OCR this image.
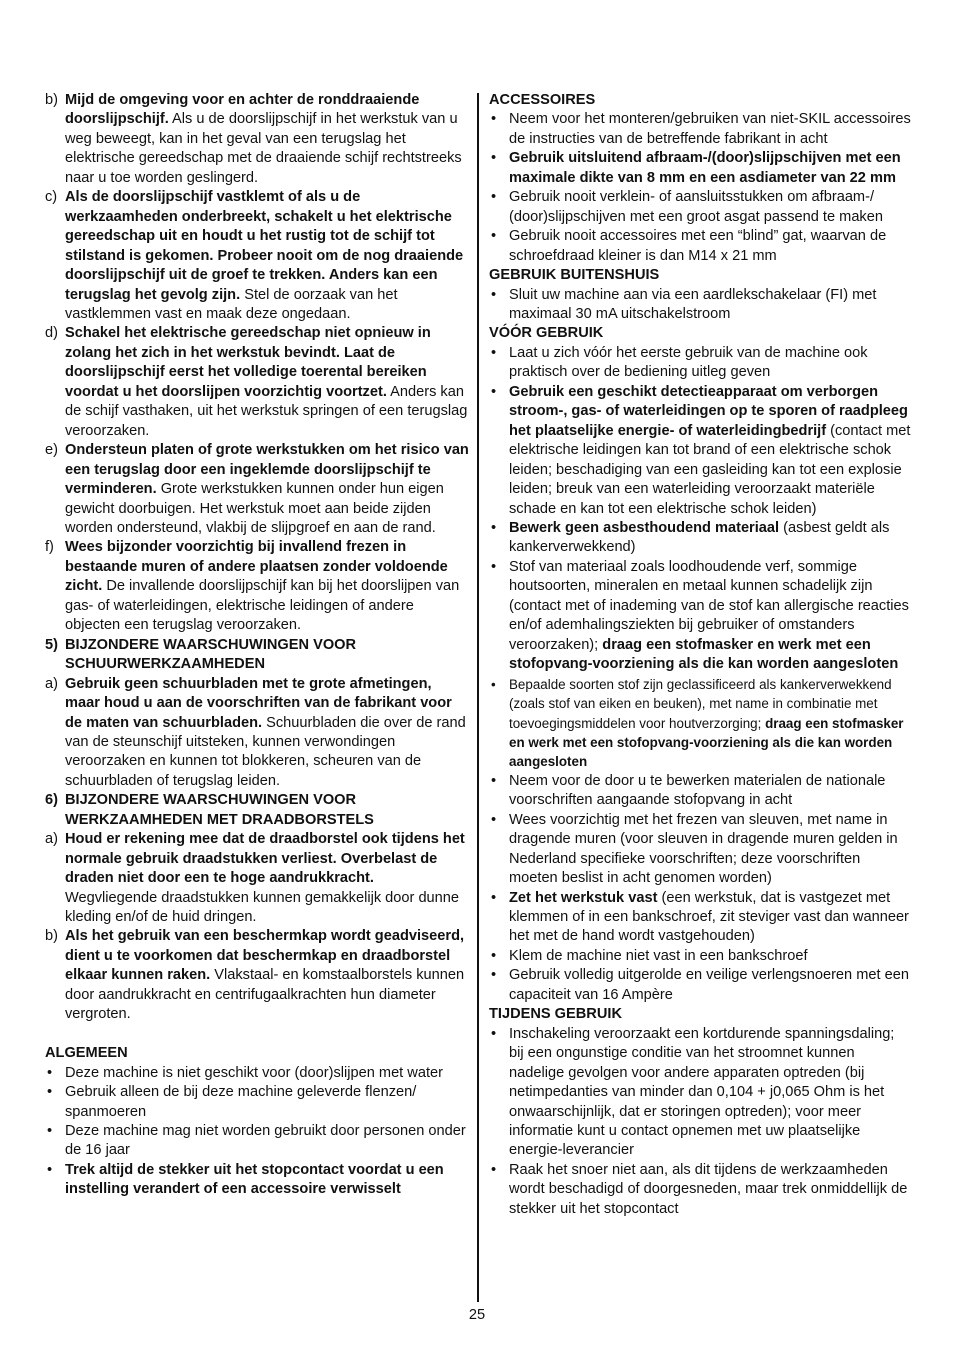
b) Mijd de omgeving voor en achter de ronddraaiende doorslijpschijf. Als u de doorslijpschijf in het werkstuk van u weg beweegt, kan in het geval van een terugslag het elektrische gereedschap met de draaiende schijf rechtstreeks naar u toe worden geslingerd.
c) Als de doorslijpschijf vastklemt of als u de werkzaamheden onderbreekt, schakelt u het elektrische gereedschap uit en houdt u het rustig tot de schijf tot stilstand is gekomen. Probeer nooit om de nog draaiende doorslijpschijf uit de groef te trekken. Anders kan een terugslag het gevolg zijn. Stel de oorzaak van het vastklemmen vast en maak deze ongedaan.
d) Schakel het elektrische gereedschap niet opnieuw in zolang het zich in het werkstuk bevindt. Laat de doorslijpschijf eerst het volledige toerental bereiken voordat u het doorslijpen voorzichtig voortzet. Anders kan de schijf vasthaken, uit het werkstuk springen of een terugslag veroorzaken.
e) Ondersteun platen of grote werkstukken om het risico van een terugslag door een ingeklemde doorslijpschijf te verminderen. Grote werkstukken kunnen onder hun eigen gewicht doorbuigen. Het werkstuk moet aan beide zijden worden ondersteund, vlakbij de slijpgroef en aan de rand.
f) Wees bijzonder voorzichtig bij invallend frezen in bestaande muren of andere plaatsen zonder voldoende zicht. De invallende doorslijpschijf kan bij het doorslijpen van gas- of waterleidingen, elektrische leidingen of andere objecten een terugslag veroorzaken.
5) BIJZONDERE WAARSCHUWINGEN VOOR SCHUURWERKZAAMHEDEN
a) Gebruik geen schuurbladen met te grote afmetingen, maar houd u aan de voorschriften van de fabrikant voor de maten van schuurbladen. Schuurbladen die over de rand van de steunschijf uitsteken, kunnen verwondingen veroorzaken en kunnen tot blokkeren, scheuren van de schuurbladen of terugslag leiden.
6) BIJZONDERE WAARSCHUWINGEN VOOR WERKZAAMHEDEN MET DRAADBORSTELS
a) Houd er rekening mee dat de draadborstel ook tijdens het normale gebruik draadstukken verliest. Overbelast de draden niet door een te hoge aandrukkracht. Wegvliegende draadstukken kunnen gemakkelijk door dunne kleding en/of de huid dringen.
b) Als het gebruik van een beschermkap wordt geadviseerd, dient u te voorkomen dat beschermkap en draadborstel elkaar kunnen raken. Vlakstaal- en komstaalborstels kunnen door aandrukkracht en centrifugaalkrachten hun diameter vergroten.
ALGEMEEN
• Deze machine is niet geschikt voor (door)slijpen met water
• Gebruik alleen de bij deze machine geleverde flenzen/ spanmoeren
• Deze machine mag niet worden gebruikt door personen onder de 16 jaar
• Trek altijd de stekker uit het stopcontact voordat u een instelling verandert of een accessoire verwisselt
ACCESSOIRES
• Neem voor het monteren/gebruiken van niet-SKIL accessoires de instructies van de betreffende fabrikant in acht
• Gebruik uitsluitend afbraam-/(door)slijpschijven met een maximale dikte van 8 mm en een asdiameter van 22 mm
• Gebruik nooit verklein- of aansluitsstukken om afbraam-/ (door)slijpschijven met een groot asgat passend te maken
• Gebruik nooit accessoires met een “blind” gat, waarvan de schroefdraad kleiner is dan M14 x 21 mm
GEBRUIK BUITENSHUIS
• Sluit uw machine aan via een aardlekschakelaar (FI) met maximaal 30 mA uitschakelstroom
VÓÓR GEBRUIK
• Laat u zich vóór het eerste gebruik van de machine ook praktisch over de bediening uitleg geven
• Gebruik een geschikt detectieapparaat om verborgen stroom-, gas- of waterleidingen op te sporen of raadpleeg het plaatselijke energie- of waterleidingbedrijf (contact met elektrische leidingen kan tot brand of een elektrische schok leiden; beschadiging van een gasleiding kan tot een explosie leiden; breuk van een waterleiding veroorzaakt materiële schade en kan tot een elektrische schok leiden)
• Bewerk geen asbesthoudend materiaal (asbest geldt als kankerverwekkend)
• Stof van materiaal zoals loodhoudende verf, sommige houtsoorten, mineralen en metaal kunnen schadelijk zijn (contact met of inademing van de stof kan allergische reacties en/of ademhalingsziekten bij gebruiker of omstanders veroorzaken); draag een stofmasker en werk met een stofopvang-voorziening als die kan worden aangesloten
• Bepaalde soorten stof zijn geclassificeerd als kankerverwekkend (zoals stof van eiken en beuken), met name in combinatie met toevoegingsmiddelen voor houtverzorging; draag een stofmasker en werk met een stofopvang-voorziening als die kan worden aangesloten
• Neem voor de door u te bewerken materialen de nationale voorschriften aangaande stofopvang in acht
• Wees voorzichtig met het frezen van sleuven, met name in dragende muren (voor sleuven in dragende muren gelden in Nederland specifieke voorschriften; deze voorschriften moeten beslist in acht genomen worden)
• Zet het werkstuk vast (een werkstuk, dat is vastgezet met klemmen of in een bankschroef, zit steviger vast dan wanneer het met de hand wordt vastgehouden)
• Klem de machine niet vast in een bankschroef
• Gebruik volledig uitgerolde en veilige verlengsnoeren met een capaciteit van 16 Ampère
TIJDENS GEBRUIK
• Inschakeling veroorzaakt een kortdurende spanningsdaling; bij een ongunstige conditie van het stroomnet kunnen nadelige gevolgen voor andere apparaten optreden (bij netimpedanties van minder dan 0,104 + j0,065 Ohm is het onwaarschijnlijk, dat er storingen optreden); voor meer informatie kunt u contact opnemen met uw plaatselijke energie-leverancier
• Raak het snoer niet aan, als dit tijdens de werkzaamheden wordt beschadigd of doorgesneden, maar trek onmiddellijk de stekker uit het stopcontact
25
